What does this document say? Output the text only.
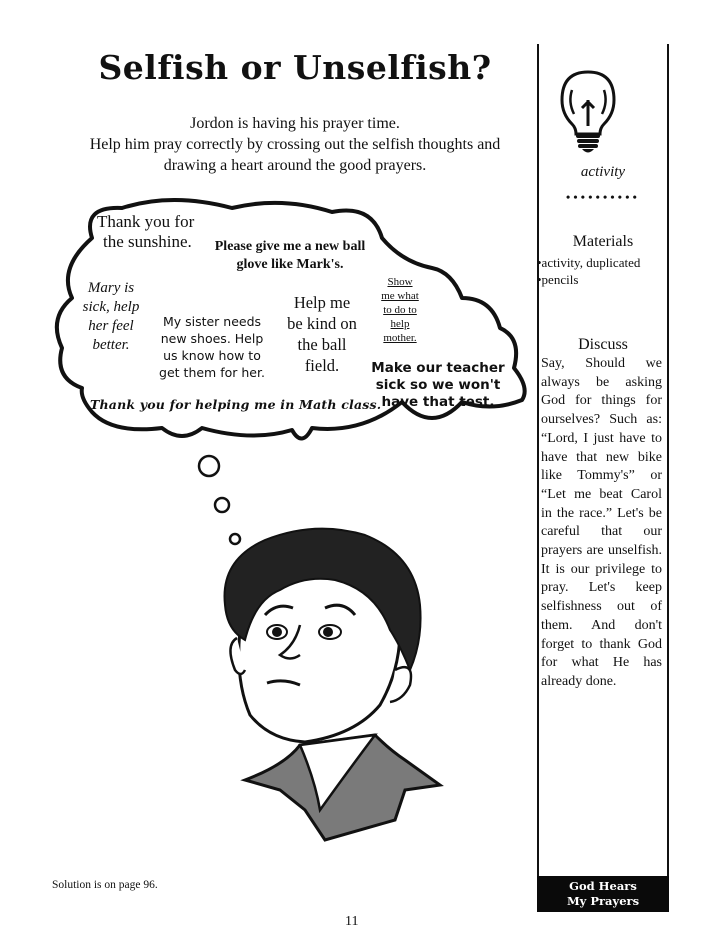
Selfish or Unselfish?
Jordon is having his prayer time.
Help him pray correctly by crossing out the selfish thoughts and
drawing a heart around the good prayers.
Thank you for
the sunshine.	Please give me a new ball
glove like Mark's.
Mary is
sick, help
her feel
better.
My sister needs
new shoes. Help
us know how to
get them for her.
Help me
be kind on
the ball
field.
Show
me what
to do to
help
mother.
Make our teacher
sick so we won't
have that test.
Thank you for helping me in Math class.
activity
••••••••••
Materials
•activity, duplicated
•pencils
Discuss
Say, Should we always be asking God for things for ourselves? Such as: “Lord, I just have to have that new bike like Tommy's” or “Let me beat Carol in the race.” Let's be careful that our prayers are unselfish. It is our privilege to pray. Let's keep selfishness out of them. And don't forget to thank God for what He has already done.
God Hears
My Prayers
Solution is on page 96.
11
